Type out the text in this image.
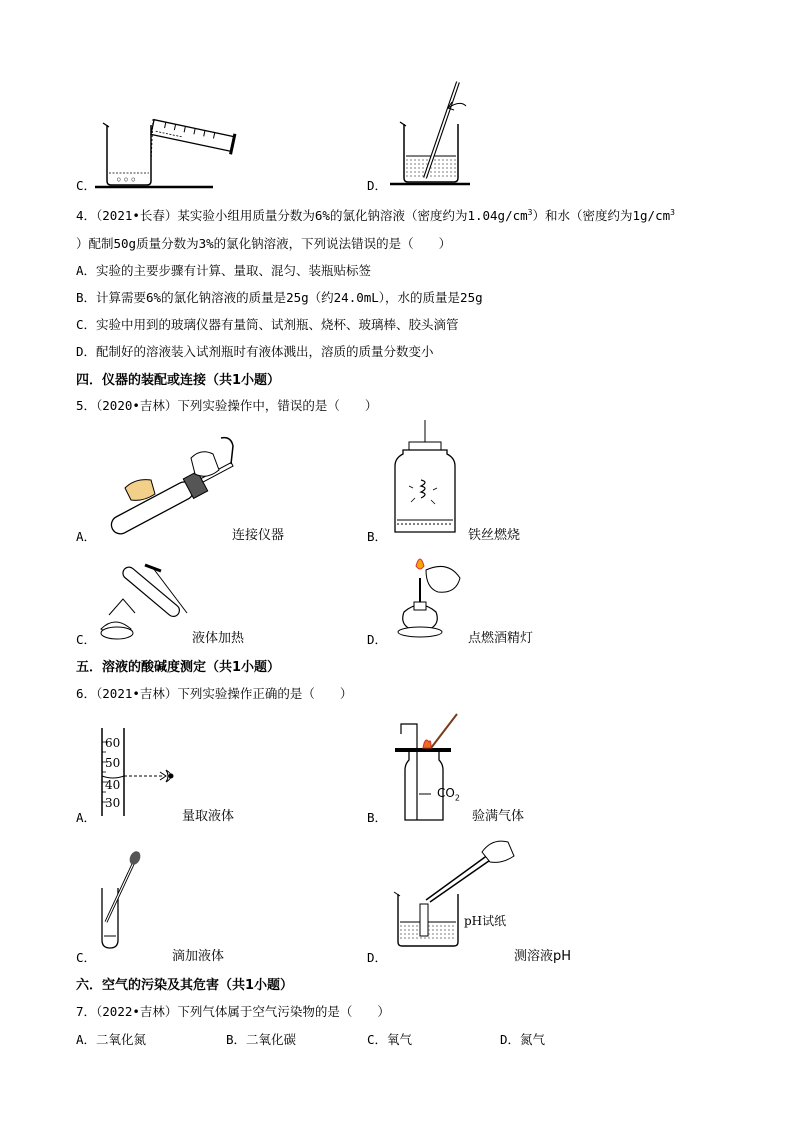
C．	○ ○ ○	D．
4．（2021•长春）某实验小组用质量分数为6%的氯化钠溶液（密度约为$1.04g/cm^3$）和水（密度约为$1g/cm^3$
）配制50g质量分数为3%的氯化钠溶液，下列说法错误的是（　　）
A．实验的主要步骤有计算、量取、混匀、装瓶贴标签
B．计算需要6%的氯化钠溶液的质量是25g（约24.0mL），水的质量是25g
C．实验中用到的玻璃仪器有量筒、试剂瓶、烧杯、玻璃棒、胶头滴管
D．配制好的溶液装入试剂瓶时有液体溅出，溶质的质量分数变小
四．仪器的装配或连接（共1小题）
5．（2020•吉林）下列实验操作中，错误的是（　　）
A．	连接仪器	B．	铁丝燃烧
C．	液体加热	D．	点燃酒精灯
五．溶液的酸碱度测定（共1小题）
6．（2021•吉林）下列实验操作正确的是（　　）
60
50
40
30
A．	量取液体
$CO_2$
B．	验满气体
C．	滴加液体
pH试纸
D．	测溶液pH
六．空气的污染及其危害（共1小题）
7．（2022•吉林）下列气体属于空气污染物的是（　　）
A．二氧化氮	B．二氧化碳	C．氧气	D．氮气
